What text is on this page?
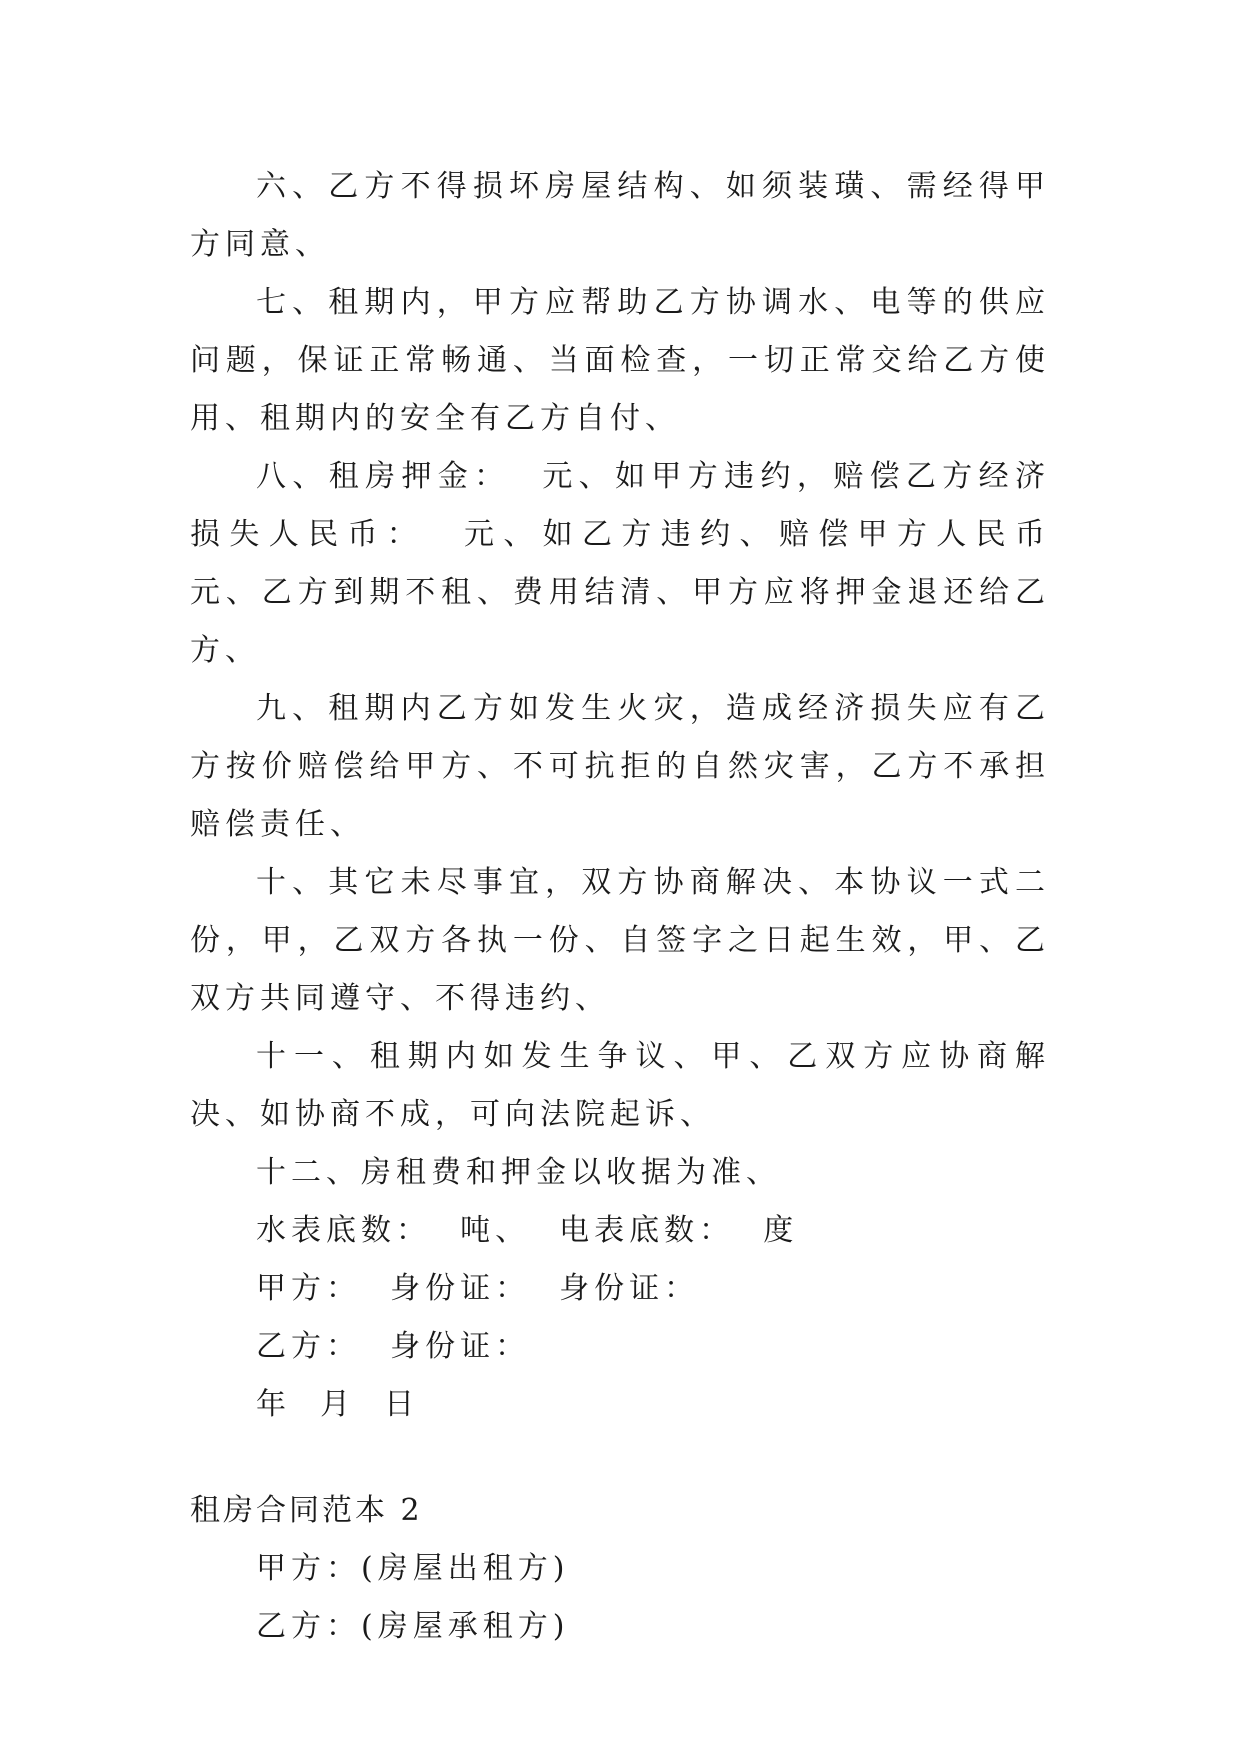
六、乙方不得损坏房屋结构、如须装璜、需经得甲方同意、

七、租期内，甲方应帮助乙方协调水、电等的供应问题，保证正常畅通、当面检查，一切正常交给乙方使用、租期内的安全有乙方自付、

八、租房押金：  元、如甲方违约，赔偿乙方经济损失人民币：  元、如乙方违约、赔偿甲方人民币  元、乙方到期不租、费用结清、甲方应将押金退还给乙方、

九、租期内乙方如发生火灾，造成经济损失应有乙方按价赔偿给甲方、不可抗拒的自然灾害，乙方不承担赔偿责任、

十、其它未尽事宜，双方协商解决、本协议一式二份，甲，乙双方各执一份、自签字之日起生效，甲、乙双方共同遵守、不得违约、

十一、租期内如发生争议、甲、乙双方应协商解决、如协商不成，可向法院起诉、

十二、房租费和押金以收据为准、

水表底数：  吨、  电表底数：  度

甲方：  身份证：  身份证：

乙方：  身份证：

年  月  日

租房合同范本 2

甲方：(房屋出租方)

乙方：(房屋承租方)
